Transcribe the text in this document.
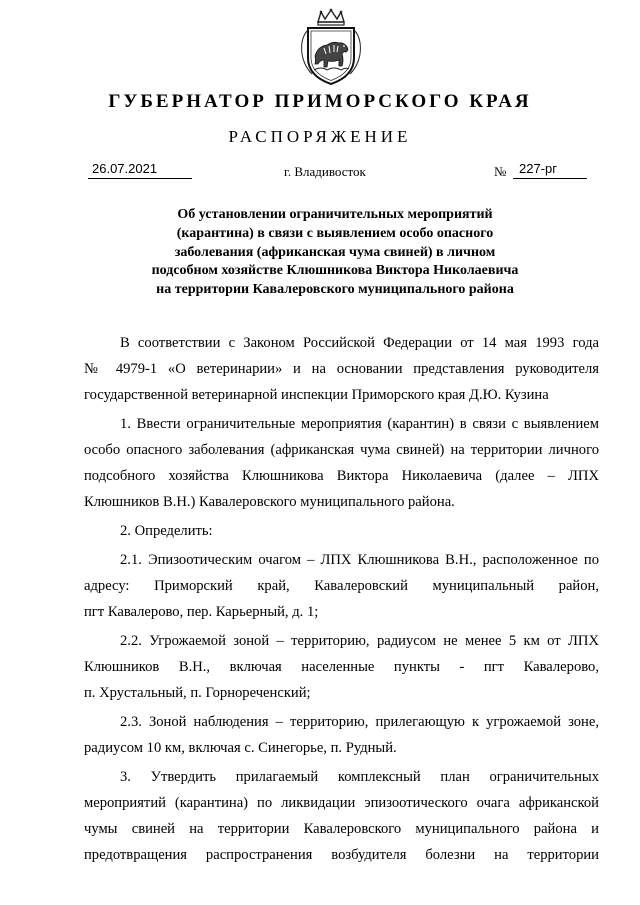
ГУБЕРНАТОР ПРИМОРСКОГО КРАЯ
РАСПОРЯЖЕНИЕ
26.07.2021	г. Владивосток	№ 227-рг
Об установлении ограничительных мероприятий
(карантина) в связи с выявлением особо опасного
заболевания (африканская чума свиней) в личном
подсобном хозяйстве Клюшникова Виктора Николаевича
на территории Кавалеровского муниципального района
В соответствии с Законом Российской Федерации от 14 мая 1993 года
№ 4979-1 «О ветеринарии» и на основании представления руководителя
государственной ветеринарной инспекции Приморского края Д.Ю. Кузина
1. Ввести ограничительные мероприятия (карантин) в связи с выявлением
особо опасного заболевания (африканская чума свиней) на территории личного
подсобного хозяйства Клюшникова Виктора Николаевича (далее – ЛПХ
Клюшников В.Н.) Кавалеровского муниципального района.
2. Определить:
2.1. Эпизоотическим очагом – ЛПХ Клюшникова В.Н., расположенное по
адресу: Приморский край, Кавалеровский муниципальный район,
пгт Кавалерово, пер. Карьерный, д. 1;
2.2. Угрожаемой зоной – территорию, радиусом не менее 5 км от ЛПХ
Клюшников В.Н., включая населенные пункты - пгт Кавалерово,
п. Хрустальный, п. Горнореченский;
2.3. Зоной наблюдения – территорию, прилегающую к угрожаемой зоне,
радиусом 10 км, включая с. Синегорье, п. Рудный.
3. Утвердить прилагаемый комплексный план ограничительных
мероприятий (карантина) по ликвидации эпизоотического очага африканской
чумы свиней на территории Кавалеровского муниципального района и
предотвращения распространения возбудителя болезни на территории
